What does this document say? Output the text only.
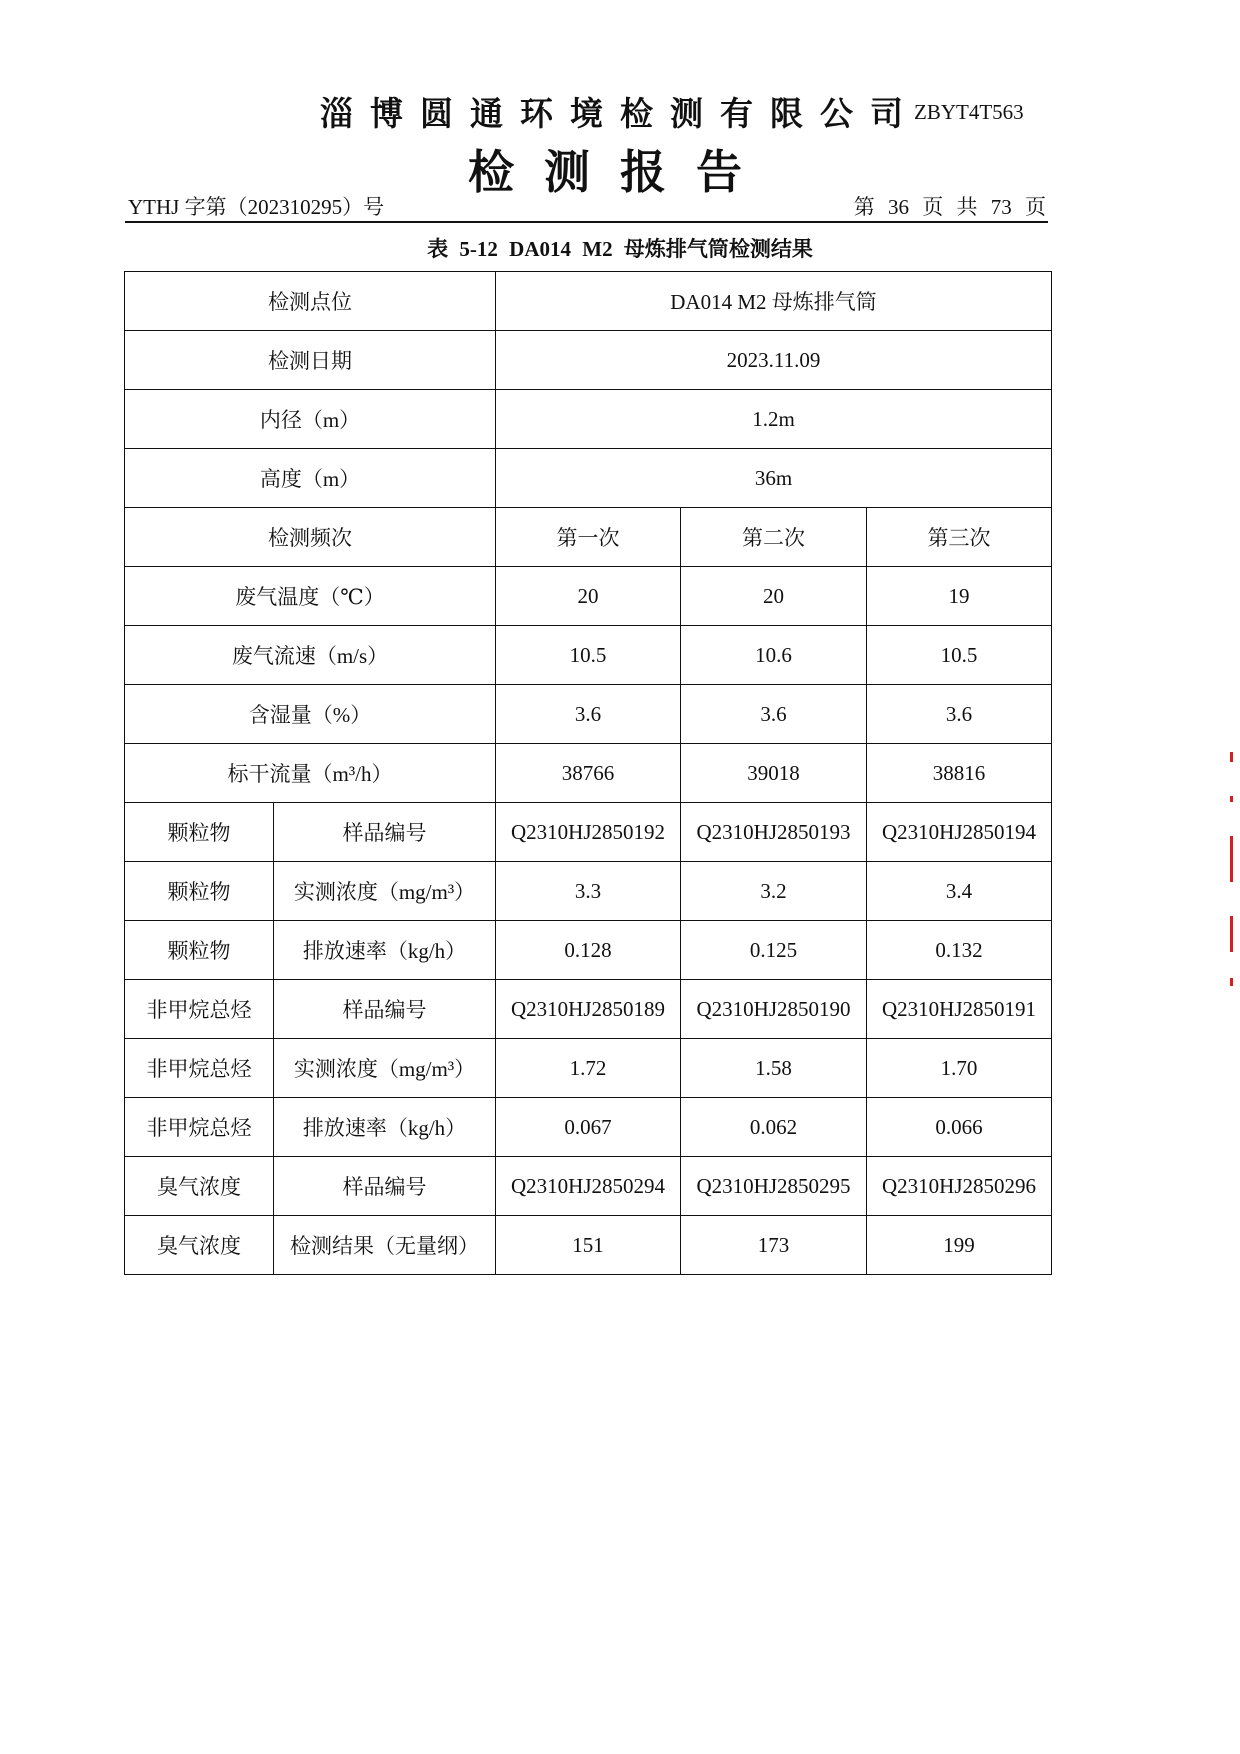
淄博圆通环境检测有限公司
ZBYT4T563
检测报告
YTHJ 字第（202310295）号	第 36 页 共 73 页
表 5-12 DA014 M2 母炼排气筒检测结果
检测点位		DA014 M2 母炼排气筒		
检测日期		2023.11.09		
内径（m）		1.2m		
高度（m）		36m		
检测频次		第一次	第二次	第三次
废气温度（℃）		20	20	19
废气流速（m/s）		10.5	10.6	10.5
含湿量（%）		3.6	3.6	3.6
标干流量（m³/h）		38766	39018	38816
颗粒物	样品编号	Q2310HJ2850192	Q2310HJ2850193	Q2310HJ2850194
颗粒物	实测浓度（mg/m³）	3.3	3.2	3.4
颗粒物	排放速率（kg/h）	0.128	0.125	0.132
非甲烷总烃	样品编号	Q2310HJ2850189	Q2310HJ2850190	Q2310HJ2850191
非甲烷总烃	实测浓度（mg/m³）	1.72	1.58	1.70
非甲烷总烃	排放速率（kg/h）	0.067	0.062	0.066
臭气浓度	样品编号	Q2310HJ2850294	Q2310HJ2850295	Q2310HJ2850296
臭气浓度	检测结果（无量纲）	151	173	199
